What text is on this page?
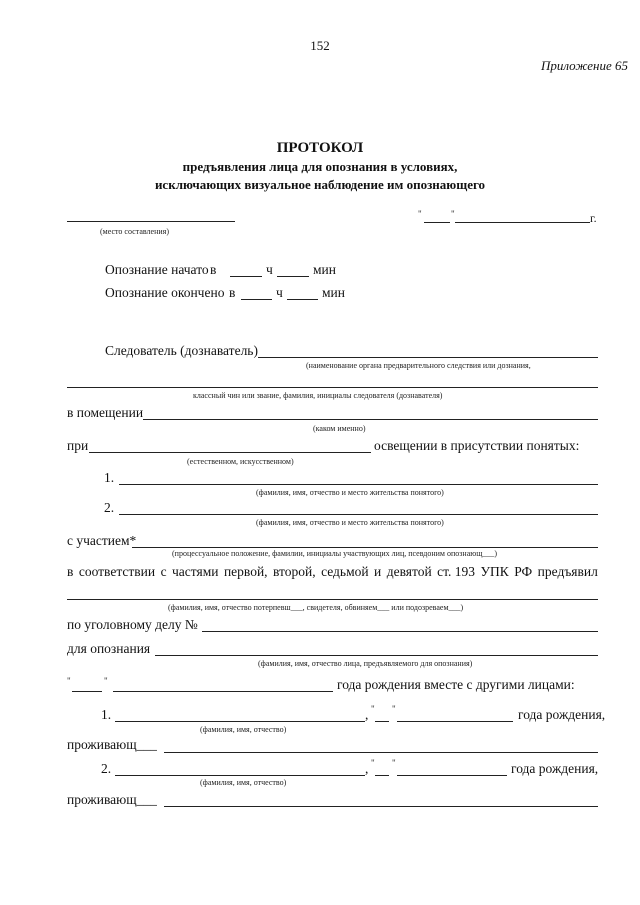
152
Приложение 65
ПРОТОКОЛ
предъявления лица для опознания в условиях,
исключающих визуальное наблюдение им опознающего
(место составления)
"	"	г.
Опознание начато в	ч	мин
Опознание окончено в	ч	мин
Следователь (дознаватель)
(наименование органа предварительного следствия или дознания,
классный чин или звание, фамилия, инициалы следователя (дознавателя)
в помещении
(каком именно)
при	освещении в присутствии понятых:
(естественном, искусственном)
1.
(фамилия, имя, отчество и место жительства понятого)
2.
(фамилия, имя, отчество и место жительства понятого)
с участием*
(процессуальное положение, фамилии, инициалы участвующих лиц, псевдоним опознающ___)
в соответствии с частями первой, второй, седьмой и девятой ст. 193 УПК РФ предъявил
(фамилия, имя, отчество потерпевш___, свидетеля, обвиняем___ или подозреваем___)
по уголовному делу №
для опознания
(фамилия, имя, отчество лица, предъявляемого для опознания)
"	"	года рождения вместе с другими лицами:
1.	, " "	года рождения,
(фамилия, имя, отчество)
проживающ___
2.	, " "	года рождения,
(фамилия, имя, отчество)
проживающ___
